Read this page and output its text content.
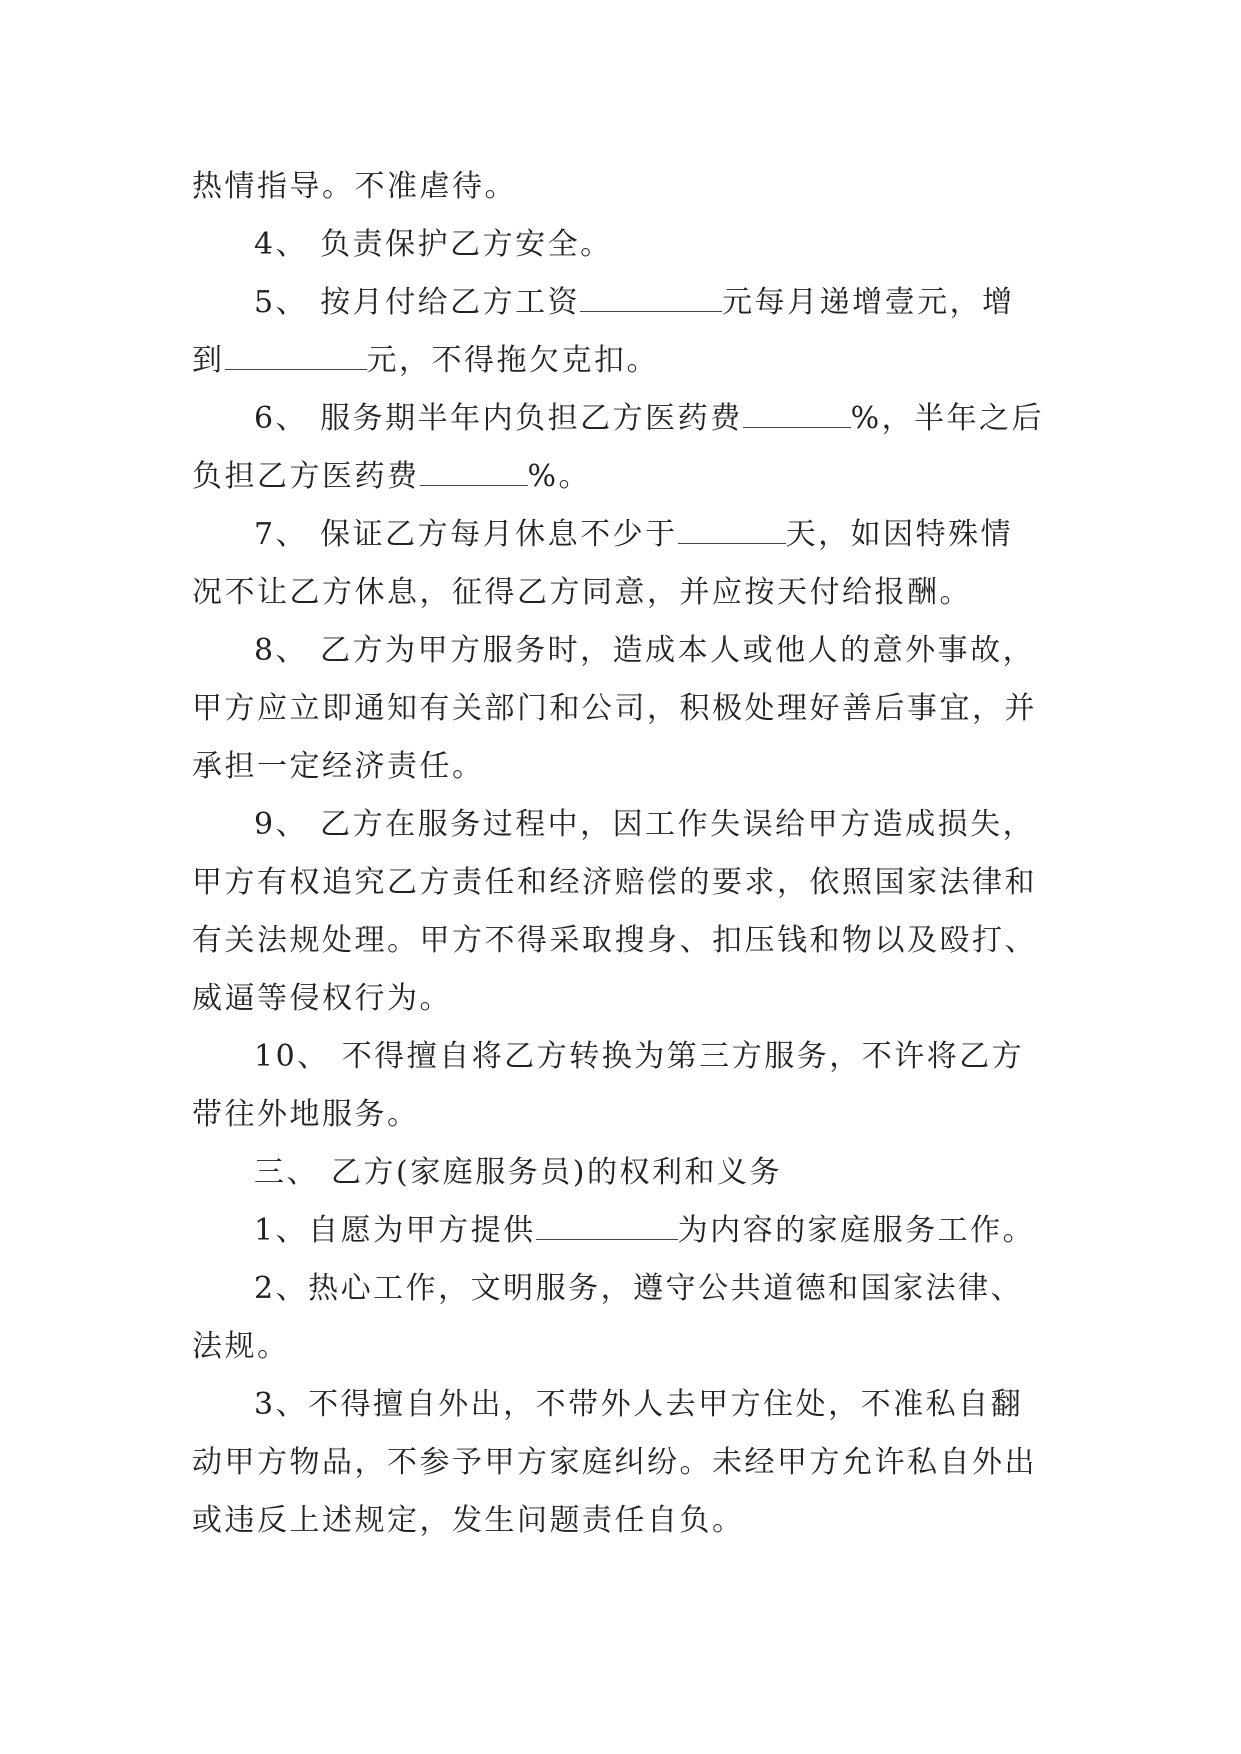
热情指导。不准虐待。
4、 负责保护乙方安全。
5、 按月付给乙方工资	元每月递增壹元，增
到	元，不得拖欠克扣。
6、 服务期半年内负担乙方医药费	%，半年之后
负担乙方医药费	%。
7、 保证乙方每月休息不少于	天，如因特殊情
况不让乙方休息，征得乙方同意，并应按天付给报酬。
8、 乙方为甲方服务时，造成本人或他人的意外事故，
甲方应立即通知有关部门和公司，积极处理好善后事宜，并
承担一定经济责任。
9、 乙方在服务过程中，因工作失误给甲方造成损失，
甲方有权追究乙方责任和经济赔偿的要求，依照国家法律和
有关法规处理。甲方不得采取搜身、扣压钱和物以及殴打、
威逼等侵权行为。
10、 不得擅自将乙方转换为第三方服务，不许将乙方
带往外地服务。
三、 乙方(家庭服务员)的权利和义务
1、自愿为甲方提供	为内容的家庭服务工作。
2、热心工作，文明服务，遵守公共道德和国家法律、
法规。
3、不得擅自外出，不带外人去甲方住处，不准私自翻
动甲方物品，不参予甲方家庭纠纷。未经甲方允许私自外出
或违反上述规定，发生问题责任自负。
